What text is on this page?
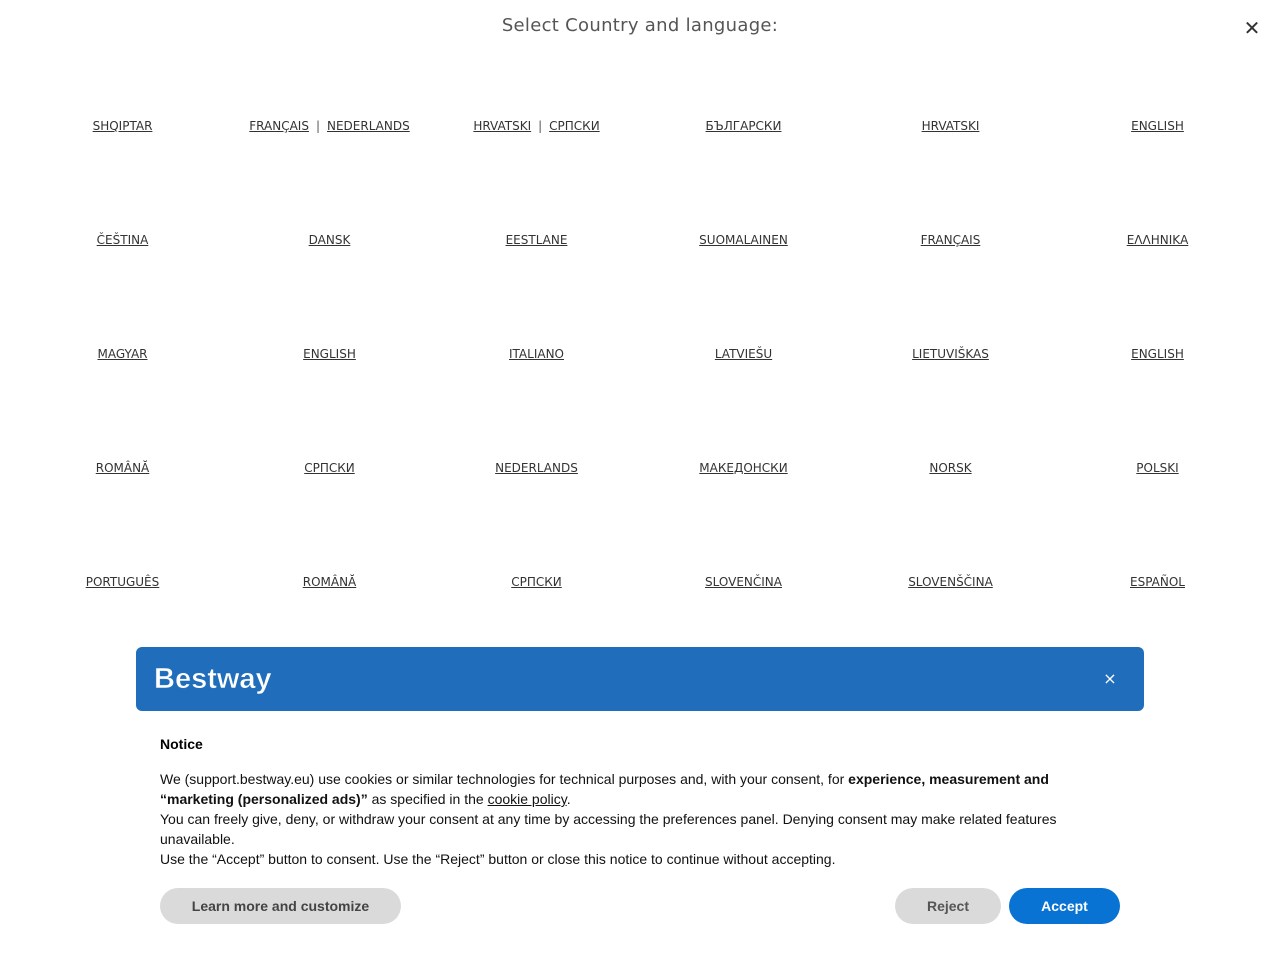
Select Country and language:	✕
SHQIPTAR	FRANÇAIS | NEDERLANDS	HRVATSKI | СРПСКИ	БЪЛГАРСКИ	HRVATSKI	ENGLISH
ČEŠTINA	DANSK	EESTLANE	SUOMALAINEN	FRANÇAIS	ΕΛΛΗΝΙΚΑ
MAGYAR	ENGLISH	ITALIANO	LATVIEŠU	LIETUVIŠKAS	ENGLISH
ROMÂNĂ	СРПСКИ	NEDERLANDS	МАКЕДОНСКИ	NORSK	POLSKI
PORTUGUÊS	ROMÂNĂ	СРПСКИ	SLOVENČINA	SLOVENŠČINA	ESPAÑOL
Bestway	×
Notice

We (support.bestway.eu) use cookies or similar technologies for technical purposes and, with your consent, for experience, measurement and “marketing (personalized ads)” as specified in the cookie policy.

You can freely give, deny, or withdraw your consent at any time by accessing the preferences panel. Denying consent may make related features unavailable.

Use the “Accept” button to consent. Use the “Reject” button or close this notice to continue without accepting.

Learn more and customize	Reject	Accept
